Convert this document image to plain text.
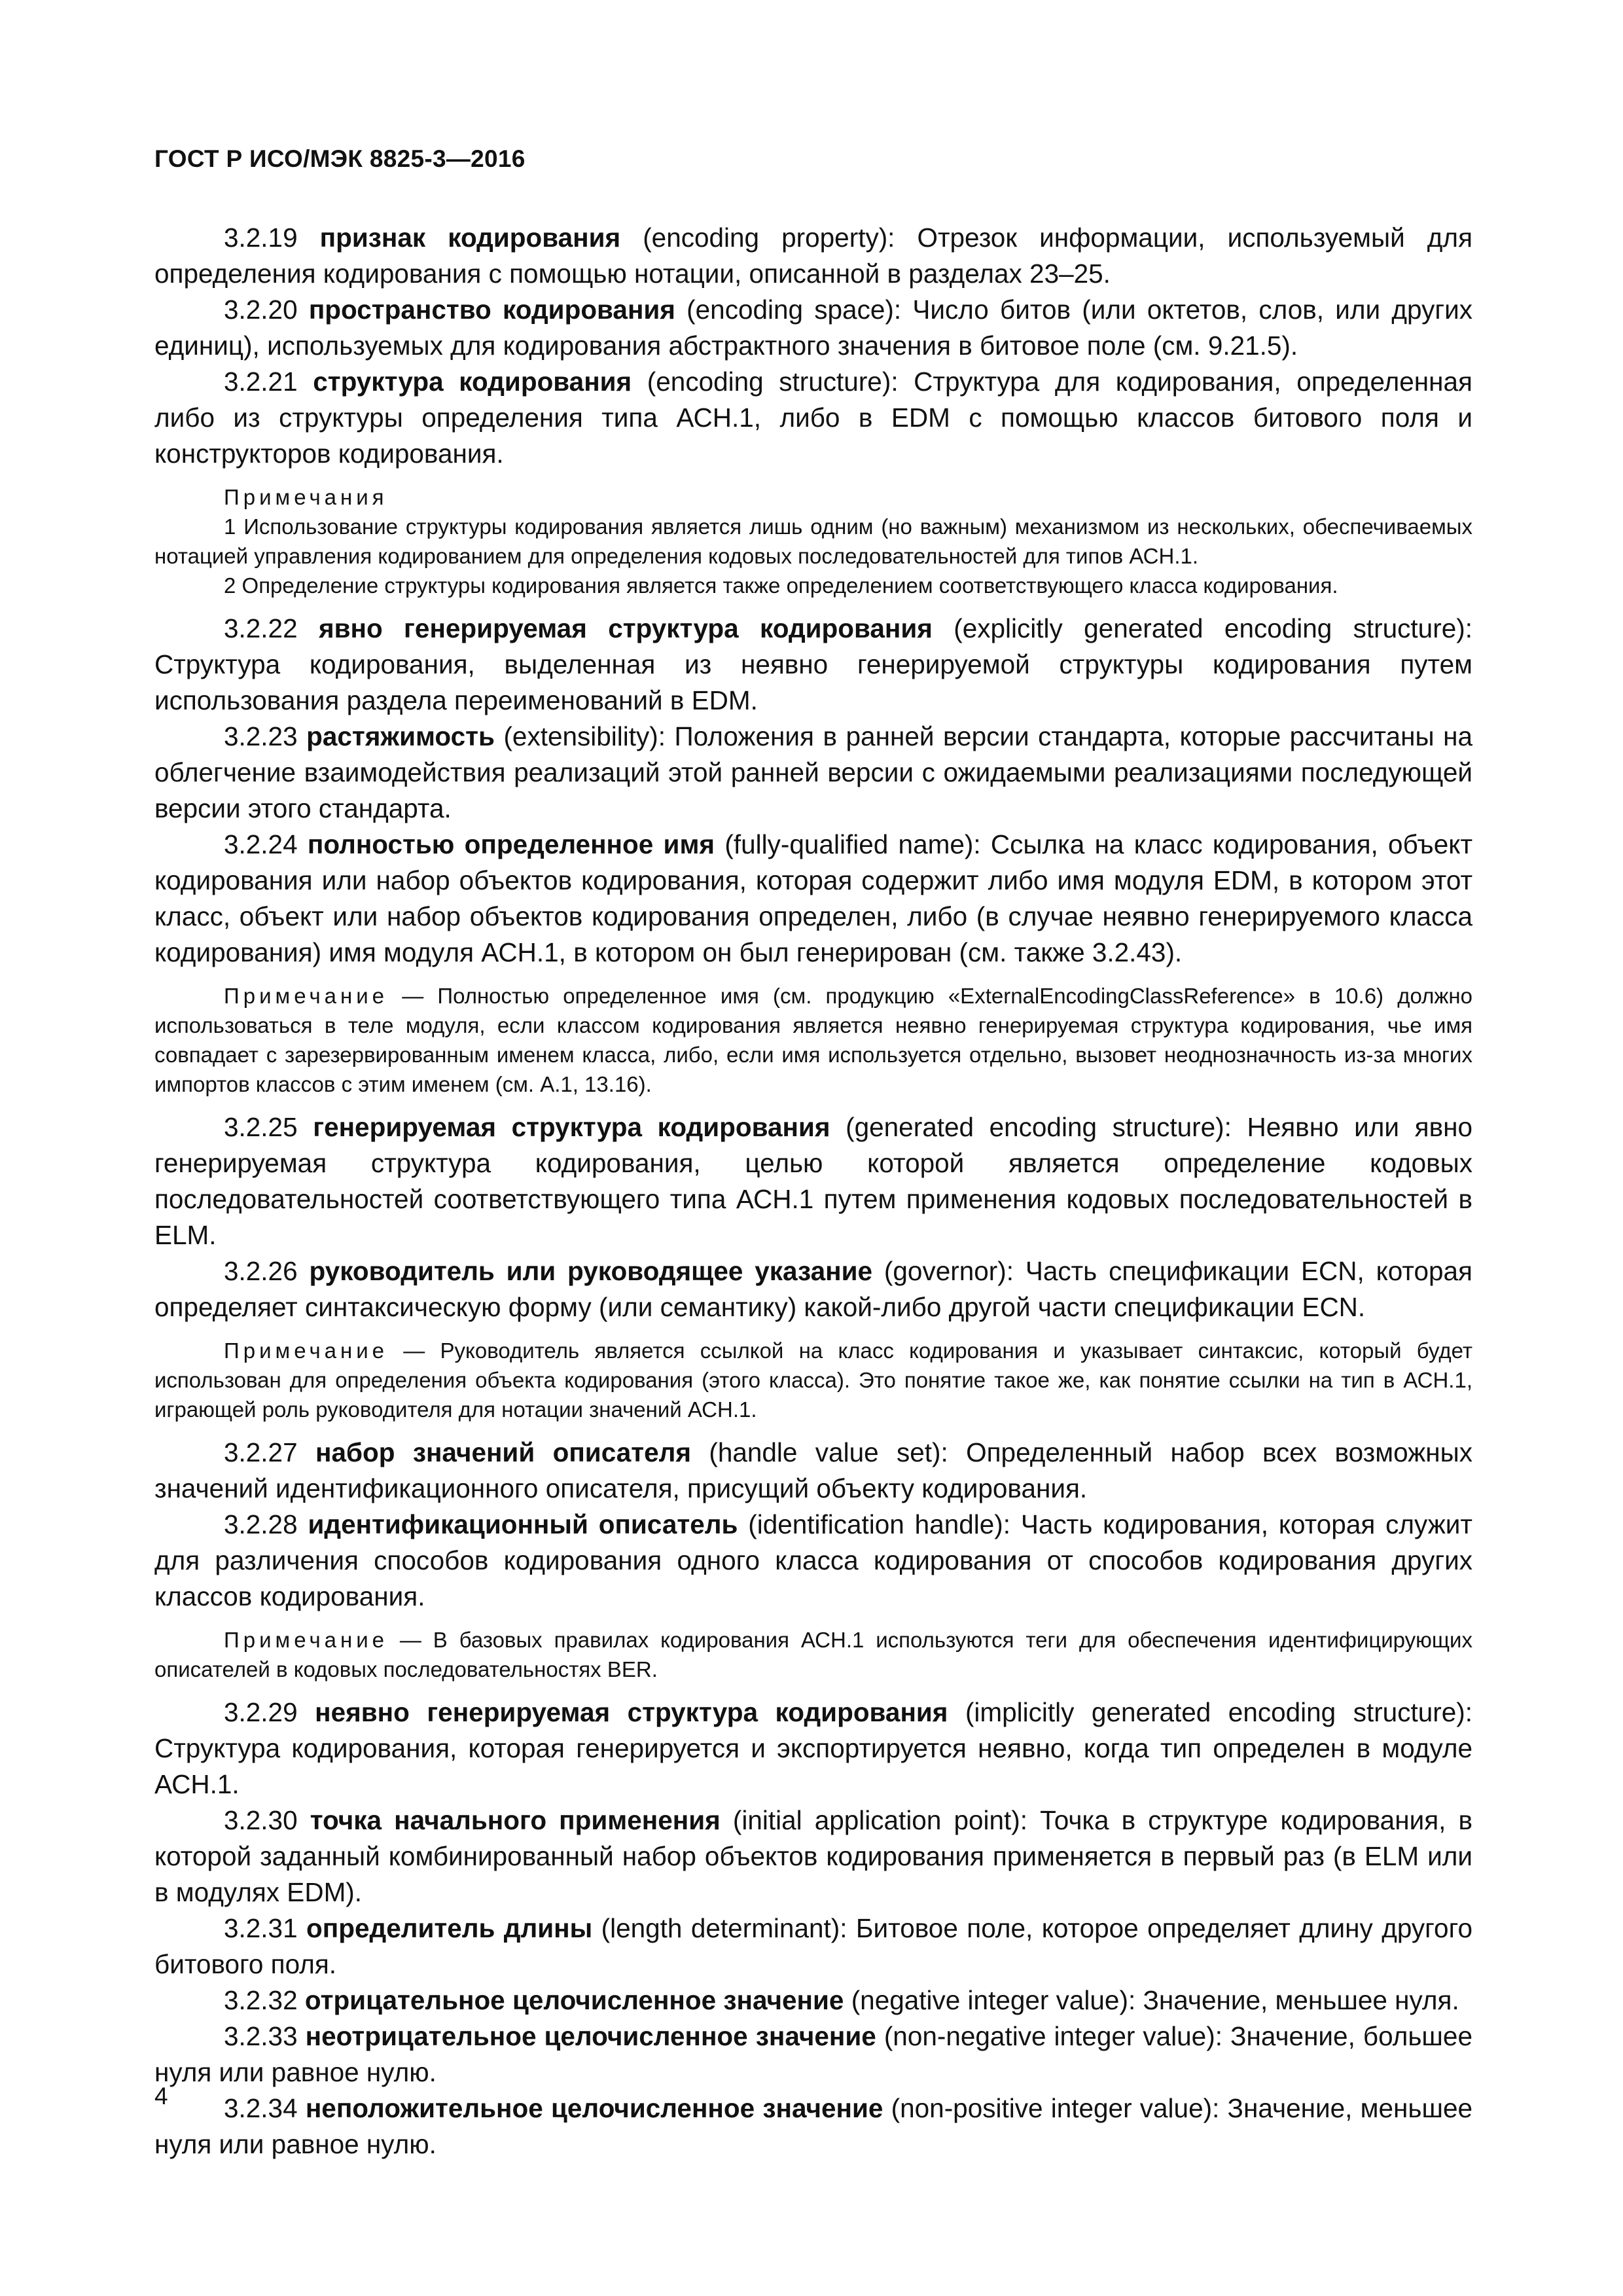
ГОСТ Р ИСО/МЭК 8825-3—2016

3.2.19 признак кодирования (encoding property): Отрезок информации, используемый для определения кодирования с помощью нотации, описанной в разделах 23–25.

3.2.20 пространство кодирования (encoding space): Число битов (или октетов, слов, или других единиц), используемых для кодирования абстрактного значения в битовое поле (см. 9.21.5).

3.2.21 структура кодирования (encoding structure): Структура для кодирования, определенная либо из структуры определения типа АСН.1, либо в EDM с помощью классов битового поля и конструкторов кодирования.

Примечания

1 Использование структуры кодирования является лишь одним (но важным) механизмом из нескольких, обеспечиваемых нотацией управления кодированием для определения кодовых последовательностей для типов АСН.1.

2 Определение структуры кодирования является также определением соответствующего класса кодирования.

3.2.22 явно генерируемая структура кодирования (explicitly generated encoding structure): Структура кодирования, выделенная из неявно генерируемой структуры кодирования путем использования раздела переименований в EDM.

3.2.23 растяжимость (extensibility): Положения в ранней версии стандарта, которые рассчитаны на облегчение взаимодействия реализаций этой ранней версии с ожидаемыми реализациями последующей версии этого стандарта.

3.2.24 полностью определенное имя (fully-qualified name): Ссылка на класс кодирования, объект кодирования или набор объектов кодирования, которая содержит либо имя модуля EDM, в котором этот класс, объект или набор объектов кодирования определен, либо (в случае неявно генерируемого класса кодирования) имя модуля АСН.1, в котором он был генерирован (см. также 3.2.43).

Примечание — Полностью определенное имя (см. продукцию «ExternalEncodingClassReference» в 10.6) должно использоваться в теле модуля, если классом кодирования является неявно генерируемая структура кодирования, чье имя совпадает с зарезервированным именем класса, либо, если имя используется отдельно, вызовет неоднозначность из-за многих импортов классов с этим именем (см. А.1, 13.16).

3.2.25 генерируемая структура кодирования (generated encoding structure): Неявно или явно генерируемая структура кодирования, целью которой является определение кодовых последовательностей соответствующего типа АСН.1 путем применения кодовых последовательностей в ELM.

3.2.26 руководитель или руководящее указание (governor): Часть спецификации ECN, которая определяет синтаксическую форму (или семантику) какой-либо другой части спецификации ECN.

Примечание — Руководитель является ссылкой на класс кодирования и указывает синтаксис, который будет использован для определения объекта кодирования (этого класса). Это понятие такое же, как понятие ссылки на тип в АСН.1, играющей роль руководителя для нотации значений АСН.1.

3.2.27 набор значений описателя (handle value set): Определенный набор всех возможных значений идентификационного описателя, присущий объекту кодирования.

3.2.28 идентификационный описатель (identification handle): Часть кодирования, которая служит для различения способов кодирования одного класса кодирования от способов кодирования других классов кодирования.

Примечание — В базовых правилах кодирования АСН.1 используются теги для обеспечения идентифицирующих описателей в кодовых последовательностях BER.

3.2.29 неявно генерируемая структура кодирования (implicitly generated encoding structure): Структура кодирования, которая генерируется и экспортируется неявно, когда тип определен в модуле АСН.1.

3.2.30 точка начального применения (initial application point): Точка в структуре кодирования, в которой заданный комбинированный набор объектов кодирования применяется в первый раз (в ELM или в модулях EDM).

3.2.31 определитель длины (length determinant): Битовое поле, которое определяет длину другого битового поля.

3.2.32 отрицательное целочисленное значение (negative integer value): Значение, меньшее нуля.

3.2.33 неотрицательное целочисленное значение (non-negative integer value): Значение, большее нуля или равное нулю.

3.2.34 неположительное целочисленное значение (non-positive integer value): Значение, меньшее нуля или равное нулю.

4
